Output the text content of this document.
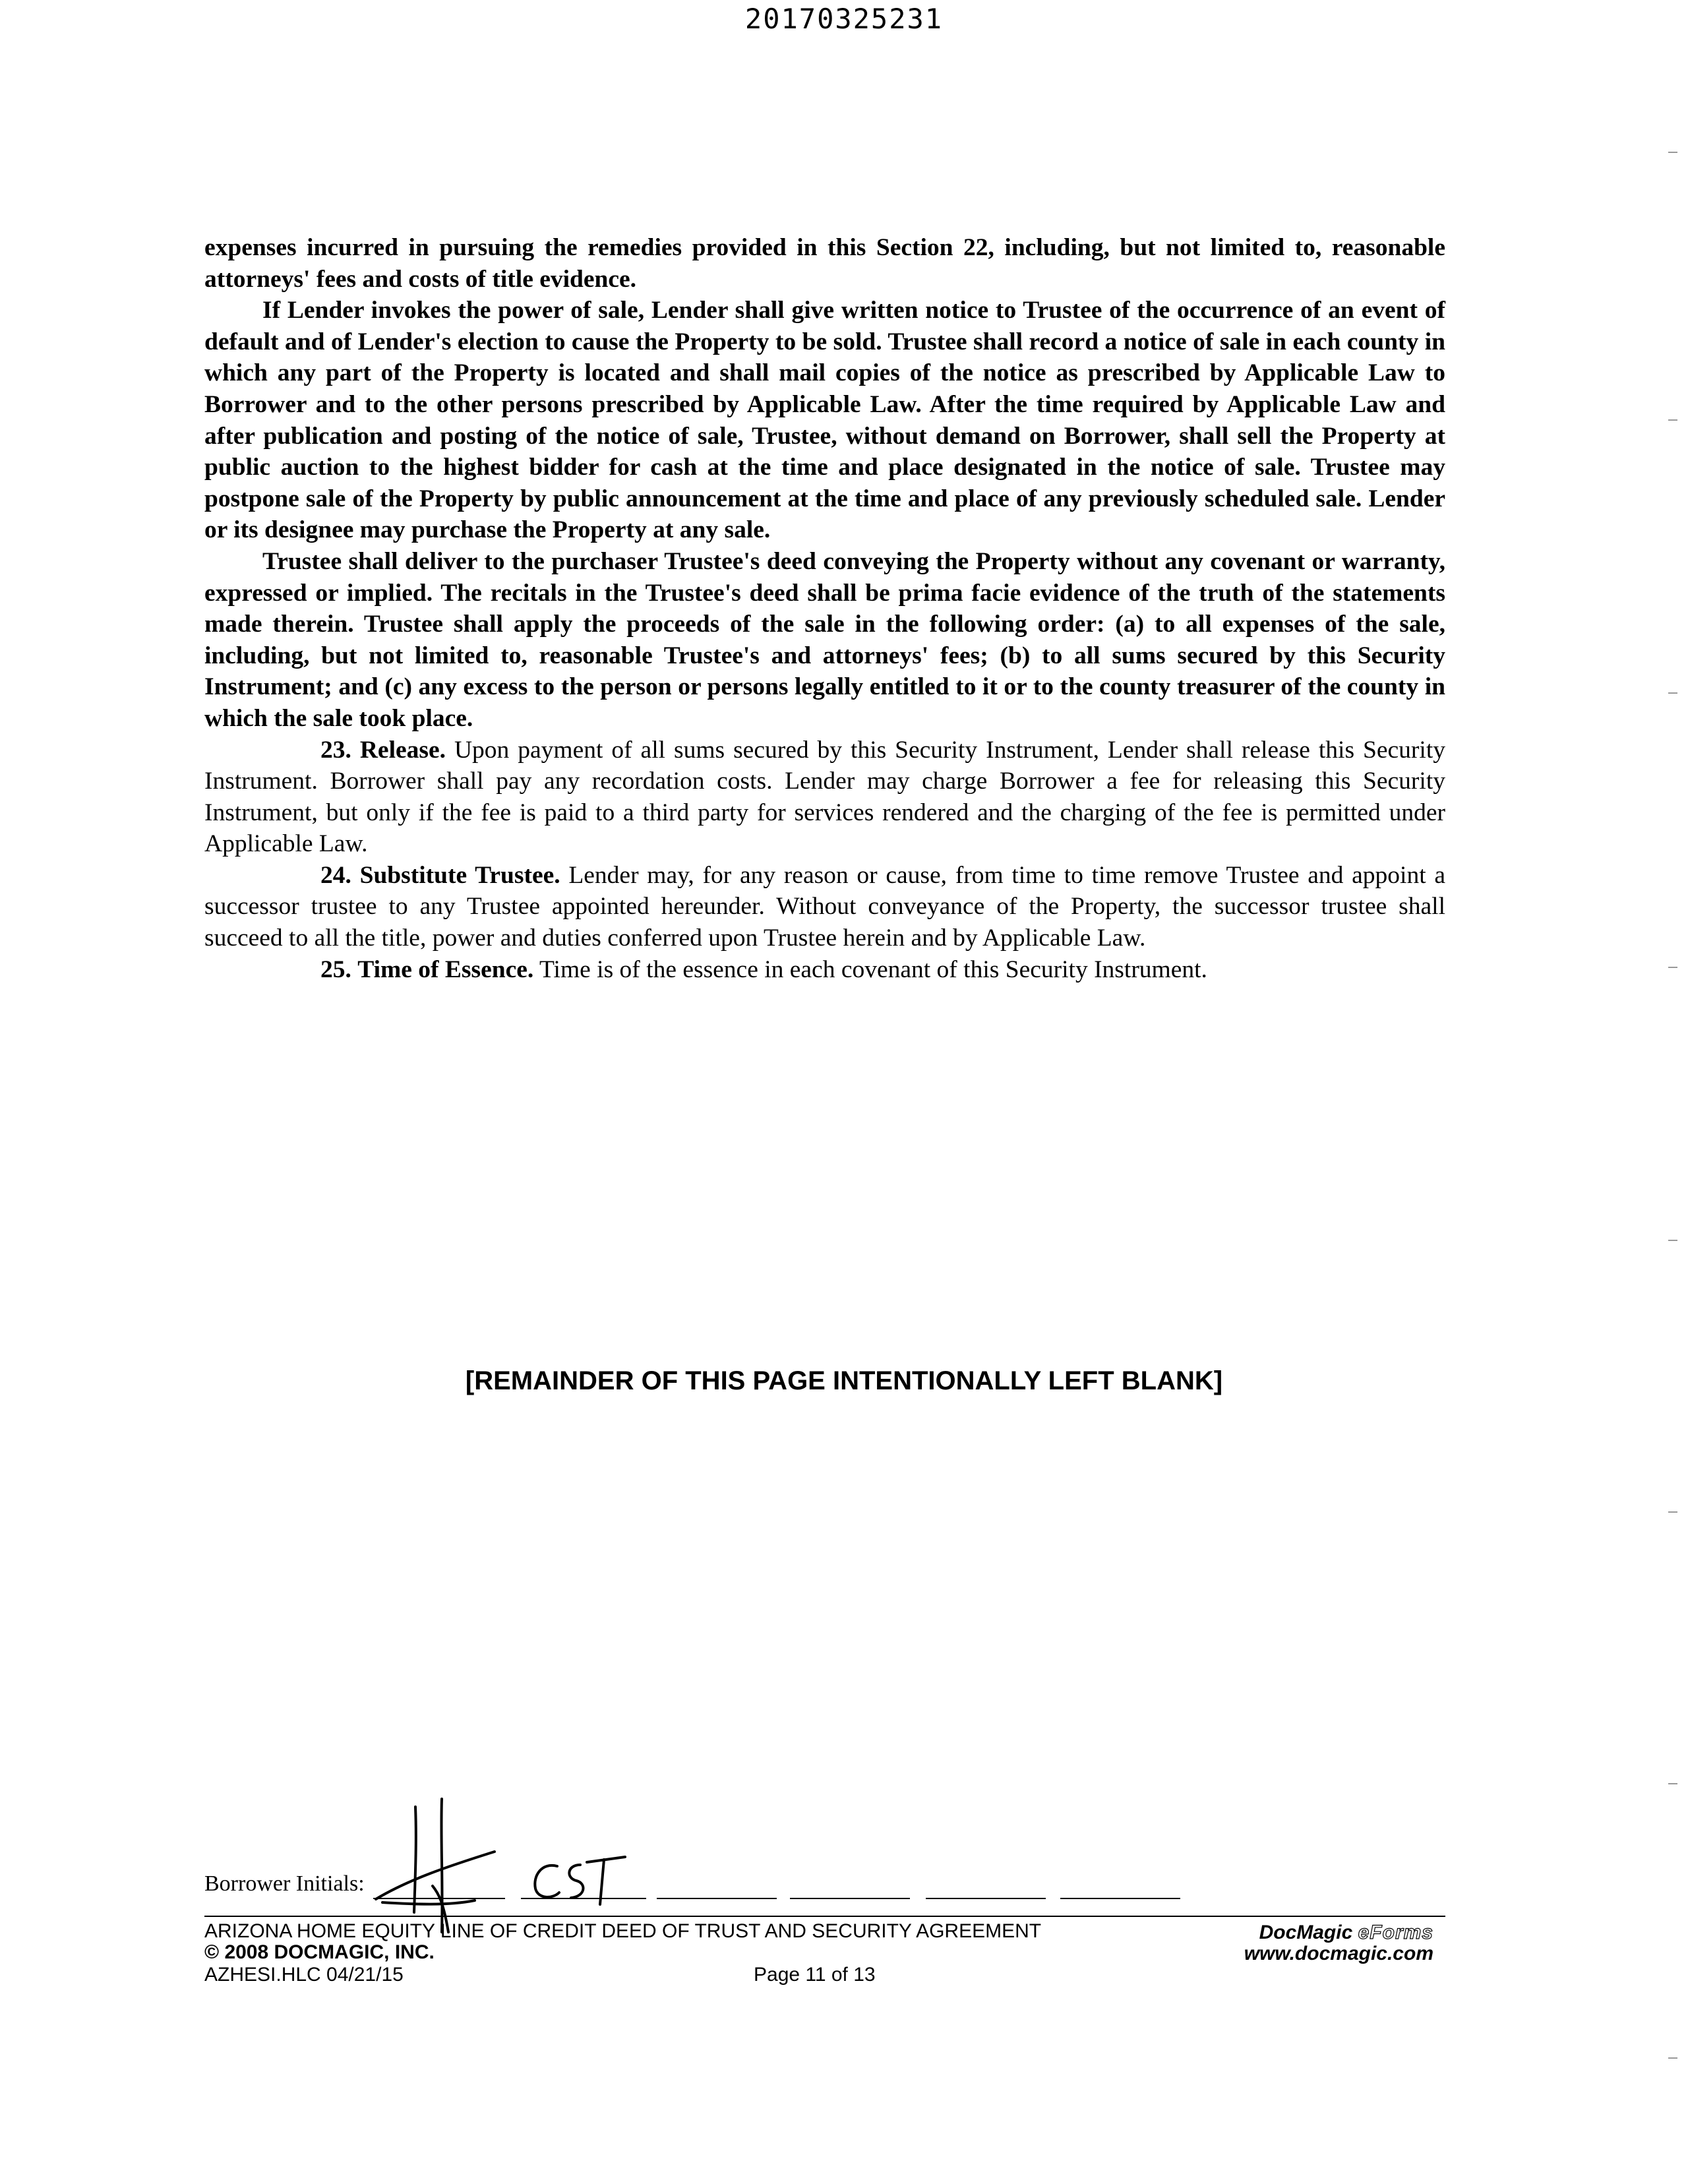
20170325231

expenses incurred in pursuing the remedies provided in this Section 22, including, but not limited to, reasonable attorneys' fees and costs of title evidence.

If Lender invokes the power of sale, Lender shall give written notice to Trustee of the occurrence of an event of default and of Lender's election to cause the Property to be sold. Trustee shall record a notice of sale in each county in which any part of the Property is located and shall mail copies of the notice as prescribed by Applicable Law to Borrower and to the other persons prescribed by Applicable Law. After the time required by Applicable Law and after publication and posting of the notice of sale, Trustee, without demand on Borrower, shall sell the Property at public auction to the highest bidder for cash at the time and place designated in the notice of sale. Trustee may postpone sale of the Property by public announcement at the time and place of any previously scheduled sale. Lender or its designee may purchase the Property at any sale.

Trustee shall deliver to the purchaser Trustee's deed conveying the Property without any covenant or warranty, expressed or implied. The recitals in the Trustee's deed shall be prima facie evidence of the truth of the statements made therein. Trustee shall apply the proceeds of the sale in the following order: (a) to all expenses of the sale, including, but not limited to, reasonable Trustee's and attorneys' fees; (b) to all sums secured by this Security Instrument; and (c) any excess to the person or persons legally entitled to it or to the county treasurer of the county in which the sale took place.

23. Release. Upon payment of all sums secured by this Security Instrument, Lender shall release this Security Instrument. Borrower shall pay any recordation costs. Lender may charge Borrower a fee for releasing this Security Instrument, but only if the fee is paid to a third party for services rendered and the charging of the fee is permitted under Applicable Law.

24. Substitute Trustee. Lender may, for any reason or cause, from time to time remove Trustee and appoint a successor trustee to any Trustee appointed hereunder. Without conveyance of the Property, the successor trustee shall succeed to all the title, power and duties conferred upon Trustee herein and by Applicable Law.

25. Time of Essence. Time is of the essence in each covenant of this Security Instrument.

[REMAINDER OF THIS PAGE INTENTIONALLY LEFT BLANK]
Borrower Initials:
ARIZONA HOME EQUITY LINE OF CREDIT DEED OF TRUST AND SECURITY AGREEMENT
© 2008 DOCMAGIC, INC.
AZHESI.HLC 04/21/15	Page 11 of 13
DocMagic eForms
www.docmagic.com
